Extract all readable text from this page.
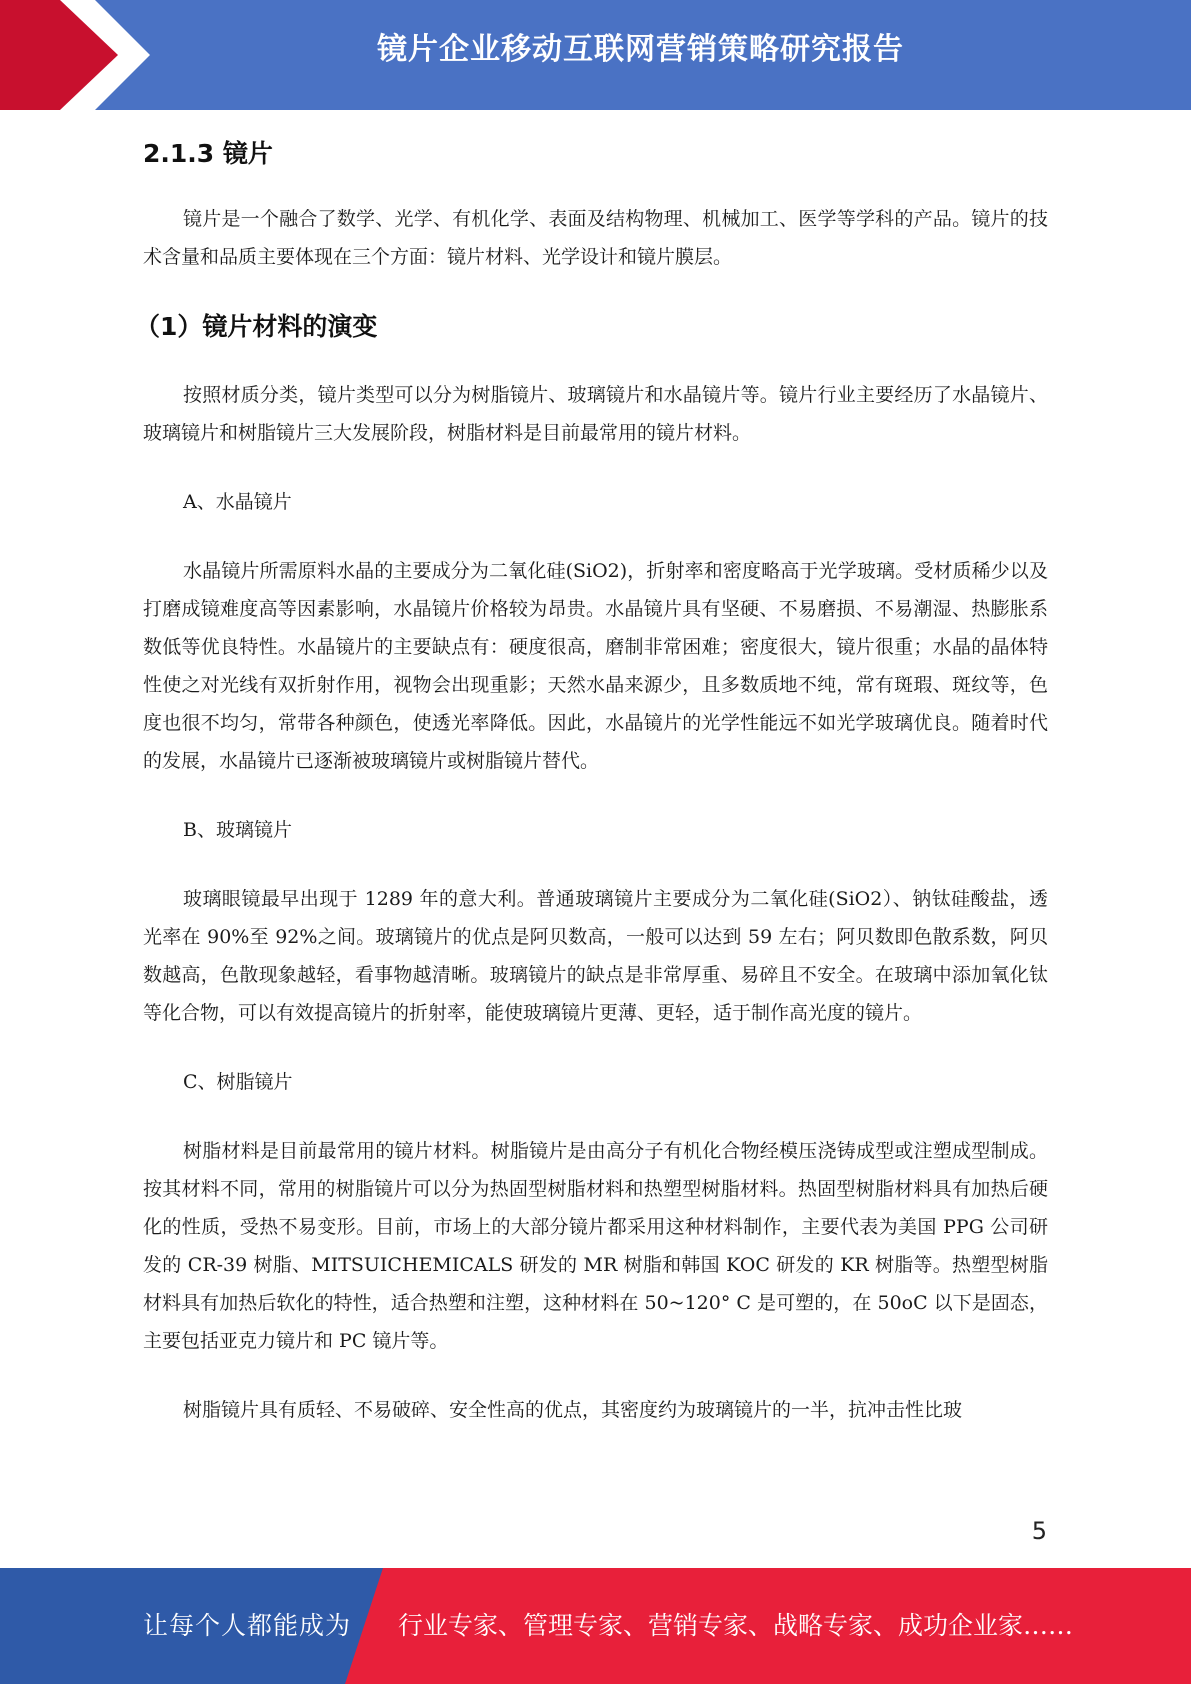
镜片企业移动互联网营销策略研究报告
2.1.3 镜片

镜片是一个融合了数学、光学、有机化学、表面及结构物理、机械加工、医学等学科的产品。镜片的技术含量和品质主要体现在三个方面：镜片材料、光学设计和镜片膜层。

（1）镜片材料的演变

按照材质分类，镜片类型可以分为树脂镜片、玻璃镜片和水晶镜片等。镜片行业主要经历了水晶镜片、玻璃镜片和树脂镜片三大发展阶段，树脂材料是目前最常用的镜片材料。

A、水晶镜片

水晶镜片所需原料水晶的主要成分为二氧化硅(SiO2)，折射率和密度略高于光学玻璃。受材质稀少以及打磨成镜难度高等因素影响，水晶镜片价格较为昂贵。水晶镜片具有坚硬、不易磨损、不易潮湿、热膨胀系数低等优良特性。水晶镜片的主要缺点有：硬度很高，磨制非常困难；密度很大，镜片很重；水晶的晶体特性使之对光线有双折射作用，视物会出现重影；天然水晶来源少，且多数质地不纯，常有斑瑕、斑纹等，色度也很不均匀，常带各种颜色，使透光率降低。因此，水晶镜片的光学性能远不如光学玻璃优良。随着时代的发展，水晶镜片已逐渐被玻璃镜片或树脂镜片替代。

B、玻璃镜片

玻璃眼镜最早出现于 1289 年的意大利。普通玻璃镜片主要成分为二氧化硅(SiO2）、钠钛硅酸盐，透光率在 90%至 92%之间。玻璃镜片的优点是阿贝数高，一般可以达到 59 左右；阿贝数即色散系数，阿贝数越高，色散现象越轻，看事物越清晰。玻璃镜片的缺点是非常厚重、易碎且不安全。在玻璃中添加氧化钛等化合物，可以有效提高镜片的折射率，能使玻璃镜片更薄、更轻，适于制作高光度的镜片。

C、树脂镜片

树脂材料是目前最常用的镜片材料。树脂镜片是由高分子有机化合物经模压浇铸成型或注塑成型制成。按其材料不同，常用的树脂镜片可以分为热固型树脂材料和热塑型树脂材料。热固型树脂材料具有加热后硬化的性质，受热不易变形。目前，市场上的大部分镜片都采用这种材料制作，主要代表为美国 PPG 公司研发的 CR-39 树脂、MITSUICHEMICALS 研发的 MR 树脂和韩国 KOC 研发的 KR 树脂等。热塑型树脂材料具有加热后软化的特性，适合热塑和注塑，这种材料在 50~120° C 是可塑的，在 50oC 以下是固态，主要包括亚克力镜片和 PC 镜片等。

树脂镜片具有质轻、不易破碎、安全性高的优点，其密度约为玻璃镜片的一半，抗冲击性比玻

5
让每个人都能成为 行业专家、管理专家、营销专家、战略专家、成功企业家……
